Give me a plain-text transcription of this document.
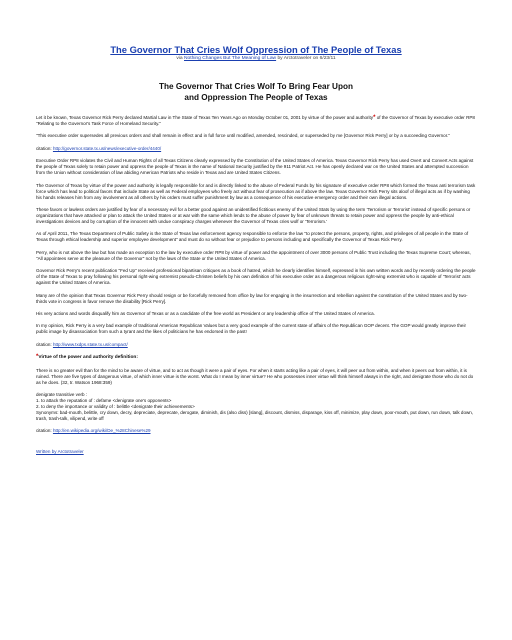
The Governor That Cries Wolf Oppression of The People of Texas
via Nothing Changes But The Meaning of Law by Arctotraveler on 6/23/11
The Governor That Cries Wolf To Bring Fear Upon
and Oppression The People of Texas

Let it be known, Texas Governor Rick Perry declared Martial Law in The State of Texas Ten Years Ago on Monday October 01, 2001 by virtue of the power and authority* of the Governor of Texas by executive order RP8 "Relating to the Governor's Task Force of Homeland Security."

"This executive order supersedes all previous orders and shall remain in effect and in full force until modified, amended, rescinded, or superseded by me [Governor Rick Perry] or by a succeeding Governor."

citation: http://governor.state.tx.us/news/executive-order/4440/

Executive Order RP8 violates the Civil and Human Rights of all Texas Citizens clearly expressed by the Constitution of the United States of America. Texas Governor Rick Perry has used Overt and Convert Acts against the people of Texas solely to retain power and oppress the people of Texas in the name of National Security justified by the 911 Patriot Act. He has openly declared war on the United States and attempted succession from the Union without consideration of law abiding American Patriots who reside in Texas and are United States Citizens.

The Governor of Texas by virtue of the power and authority is legally responsible for and is directly linked to the abuse of Federal Funds by his signature of executive order RP8 which formed the Texas anti terrorism task force which has lead to political favors that include State as well as Federal employees who freely act without fear of prosecution as if above the law. Texas Governor Rick Perry sits aloof of illegal acts as if by washing his hands releases him from any involvement as all others by his orders must suffer punishment by law as a consequence of his executive emergency order and their own illegal actions.

These favors or lawless orders are justified by fear of a necessary evil for a better good against an unidentified fictitious enemy of the United Stats by using the term 'Terrorism or Terrorist' instead of specific persons or organizations that have attacked or plan to attack the United States or at war with the same which lends to the abuse of power by fear of unknown threats to retain power and oppress the people by anti-ethical investigations devices and by corruption of the innocent with undue conspiracy charges whenever the Governor of Texas cries wolf or 'Terrorism.'

As of April 2011, The Texas Department of Public Safety is the State of Texas law enforcement agency responsible to enforce the law "to protect the persons, property, rights, and privileges of all people in the State of Texas through ethical leadership and superior employee development" and must do so without fear or prejudice to persons including and specifically the Governor of Texas Rick Perry.

Perry, who is not above the law but has made an exception to the law by executive order RP8 by virtue of power and the appointment of over 3000 persons of Public Trust including the Texas Supreme Court; whereas, "All appointees serve at the pleasure of the Governor" not by the laws of the State or the United States of America.

Governor Rick Perry's recent publication "Fed Up" received professional bipartisan critiques as a book of hatred, which he clearly identifies himself, expressed in his own written words and by recently ordering the people of the State of Texas to pray following his personal right-wing extremist pseudo-Christen beliefs by his own definition of his executive order as a dangerous religious right-wing extremist who is capable of 'Terrorist' acts against the United States of America.

Many are of the opinion that Texas Governor Rick Perry should resign or be forcefully removed from office by law for engaging in the insurrection and rebellion against the constitution of the United States and by two-thirds vote in congress in favor remove the disability [Rick Perry].

His very actions and words disqualify him as Governor of Texas or as a candidate of the free world as President or any leadership office of The United States of America.

In my opinion, Rick Perry is a very bad example of traditional American Republican Values but a very good example of the current state of affairs of the Republican GOP decent. The GOP would greatly improve their public image by disassociation from such a tyrant and the likes of politicians he has endorsed in the past!

citation: http://www.txdps.state.tx.us/compact/

*Virtue of the power and authority definition:

There is no greater evil than for the mind to be aware of virtue, and to act as though it were a pair of eyes. For when it starts acting like a pair of eyes, it will peer out from within, and when it peers out from within, it is ruined. There are five types of dangerous virtue, of which inner virtue is the worst. What do I mean by inner virtue? He who possesses inner virtue will think himself always in the right, and denigrate those who do not do as he does. (32, tr. Watson 1968:359)

denigrate transitive verb :
1. to attack the reputation of : defame <denigrate one's opponents>
2. to deny the importance or validity of : belittle <denigrate their achievements>
Synonyms: bad-mouth, belittle, cry down, decry, depreciate, deprecate, derogate, diminish, dis (also diss) [slang], discount, dismiss, disparage, kiss off, minimize, play down, poor-mouth, put down, run down, talk down, trash, trash-talk, vilipend, write off

citation: http://en.wikipedia.org/wiki/De_%28Chinese%29

Written by Arctotraveler
